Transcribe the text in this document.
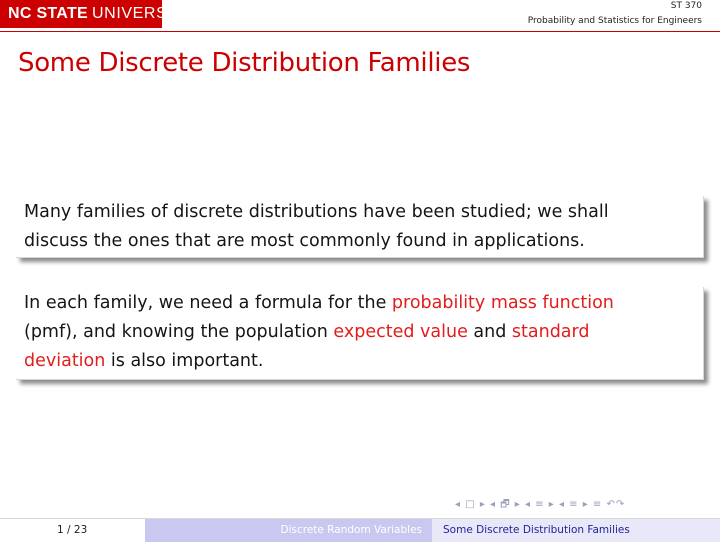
NC STATE UNIVERSITY	ST 370
Probability and Statistics for Engineers
Some Discrete Distribution Families
Many families of discrete distributions have been studied; we shall
discuss the ones that are most commonly found in applications.
In each family, we need a formula for the probability mass function
(pmf), and knowing the population expected value and standard
deviation is also important.
◂ □ ▸ ◂ 🗗 ▸ ◂ ≡ ▸ ◂ ≡ ▸ ≡ ↶↷
1 / 23	Discrete Random Variables	Some Discrete Distribution Families
